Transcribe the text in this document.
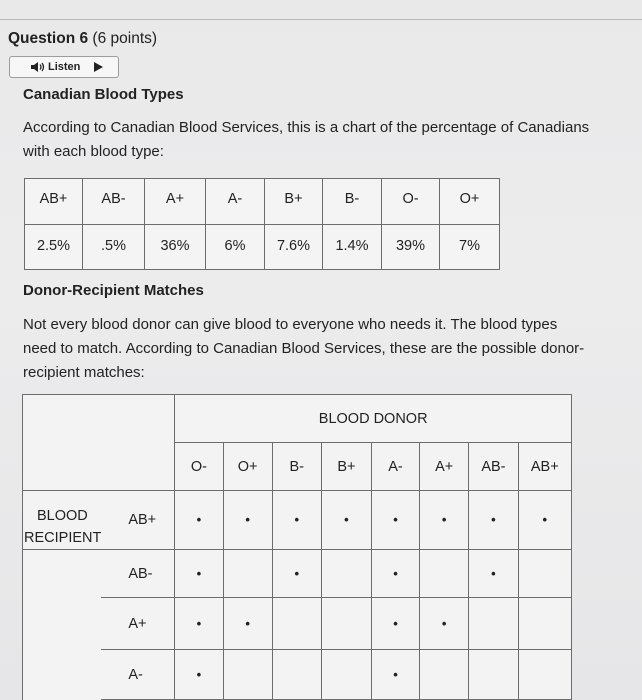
Question 6 (6 points)
Listen
Canadian Blood Types
According to Canadian Blood Services, this is a chart of the percentage of Canadians
with each blood type:
AB+	AB-	A+	A-	B+	B-	O-	O+
2.5%	.5%	36%	6%	7.6%	1.4%	39%	7%
Donor-Recipient Matches
Not every blood donor can give blood to everyone who needs it. The blood types
need to match. According to Canadian Blood Services, these are the possible donor-
recipient matches:
		BLOOD DONOR							
		O-	O+	B-	B+	A-	A+	AB-	AB+

BLOOD
RECIPIENT	AB+	•	•	•	•	•	•	•	•
	AB-	•		•		•		•	
	A+	•	•			•	•		
	A-	•				•			
